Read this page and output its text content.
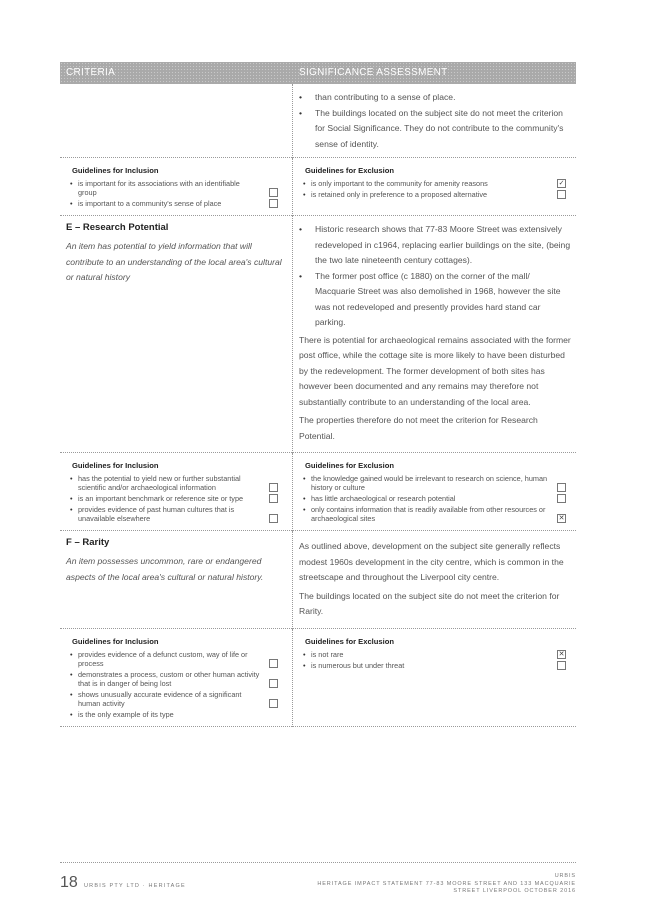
CRITERIA	SIGNIFICANCE ASSESSMENT
• than contributing to a sense of place.
• The buildings located on the subject site do not meet the criterion for Social Significance. They do not contribute to the community's sense of identity.
Guidelines for Inclusion
• is important for its associations with an identifiable group
• is important to a community's sense of place
Guidelines for Exclusion
• is only important to the community for amenity reasons	✓
• is retained only in preference to a proposed alternative
E – Research Potential
An item has potential to yield information that will contribute to an understanding of the local area's cultural or natural history
• Historic research shows that 77-83 Moore Street was extensively redeveloped in c1964, replacing earlier buildings on the site, (being the two late nineteenth century cottages).
• The former post office (c 1880) on the corner of the mall/ Macquarie Street was also demolished in 1968, however the site was not redeveloped and presently provides hard stand car parking.

There is potential for archaeological remains associated with the former post office, while the cottage site is more likely to have been disturbed by the redevelopment. The former development of both sites has however been documented and any remains may therefore not substantially contribute to an understanding of the local area.

The properties therefore do not meet the criterion for Research Potential.

Guidelines for Inclusion
• has the potential to yield new or further substantial scientific and/or archaeological information
• is an important benchmark or reference site or type
• provides evidence of past human cultures that is unavailable elsewhere
Guidelines for Exclusion
• the knowledge gained would be irrelevant to research on science, human history or culture
• has little archaeological or research potential
• only contains information that is readily available from other resources or archaeological sites	✕
F – Rarity
An item possesses uncommon, rare or endangered aspects of the local area's cultural or natural history.

As outlined above, development on the subject site generally reflects modest 1960s development in the city centre, which is common in the streetscape and throughout the Liverpool city centre.

The buildings located on the subject site do not meet the criterion for Rarity.

Guidelines for Inclusion
• provides evidence of a defunct custom, way of life or process
• demonstrates a process, custom or other human activity that is in danger of being lost
• shows unusually accurate evidence of a significant human activity
• is the only example of its type
Guidelines for Exclusion
• is not rare	✕
• is numerous but under threat
18 URBIS PTY LTD · HERITAGE
URBIS
HERITAGE IMPACT STATEMENT 77-83 MOORE STREET AND 133 MACQUARIE
STREET LIVERPOOL OCTOBER 2016
